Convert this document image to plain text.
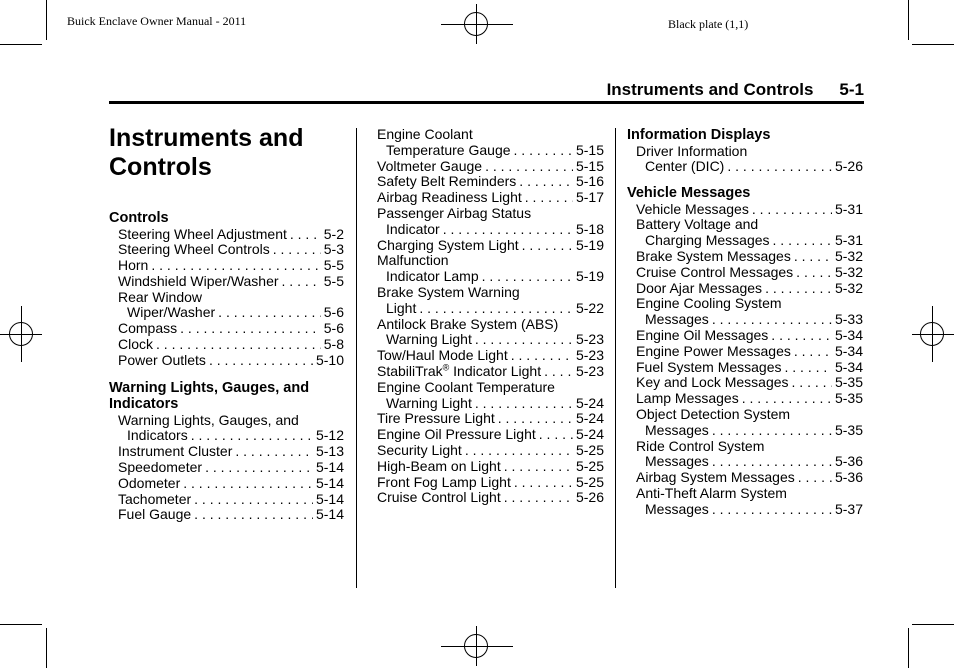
Buick Enclave Owner Manual - 2011	Black plate (1,1)
Instruments and Controls 5-1
Instruments and Controls
Controls
Steering Wheel Adjustment . . .	5-2
Steering Wheel Controls . . .	5-3
Horn . . .	5-5
Windshield Wiper/Washer . . .	5-5
Rear Window
Wiper/Washer . . .	5-6
Compass . . .	5-6
Clock . . .	5-8
Power Outlets . . .	5-10
Warning Lights, Gauges, and Indicators
Warning Lights, Gauges, and
Indicators . . .	5-12
Instrument Cluster . . .	5-13
Speedometer . . .	5-14
Odometer . . .	5-14
Tachometer . . .	5-14
Fuel Gauge . . .	5-14
Engine Coolant
Temperature Gauge . . .	5-15
Voltmeter Gauge . . .	5-15
Safety Belt Reminders . . .	5-16
Airbag Readiness Light . . .	5-17
Passenger Airbag Status
Indicator . . .	5-18
Charging System Light . . .	5-19
Malfunction
Indicator Lamp . . .	5-19
Brake System Warning
Light . . .	5-22
Antilock Brake System (ABS)
Warning Light . . .	5-23
Tow/Haul Mode Light . . .	5-23
StabiliTrak® Indicator Light . . . 5-23
Engine Coolant Temperature
Warning Light . . .	5-24
Tire Pressure Light . . .	5-24
Engine Oil Pressure Light . . .	5-24
Security Light . . .	5-25
High-Beam on Light . . .	5-25
Front Fog Lamp Light . . .	5-25
Cruise Control Light . . .	5-26
Information Displays
Driver Information
Center (DIC) . . .	5-26
Vehicle Messages
Vehicle Messages . . .	5-31
Battery Voltage and
Charging Messages . . .	5-31
Brake System Messages . . .	5-32
Cruise Control Messages . . .	5-32
Door Ajar Messages . . .	5-32
Engine Cooling System
Messages . . .	5-33
Engine Oil Messages . . .	5-34
Engine Power Messages . . .	5-34
Fuel System Messages . . .	5-34
Key and Lock Messages . . .	5-35
Lamp Messages . . .	5-35
Object Detection System
Messages . . .	5-35
Ride Control System
Messages . . .	5-36
Airbag System Messages . . .	5-36
Anti-Theft Alarm System
Messages . . .	5-37
